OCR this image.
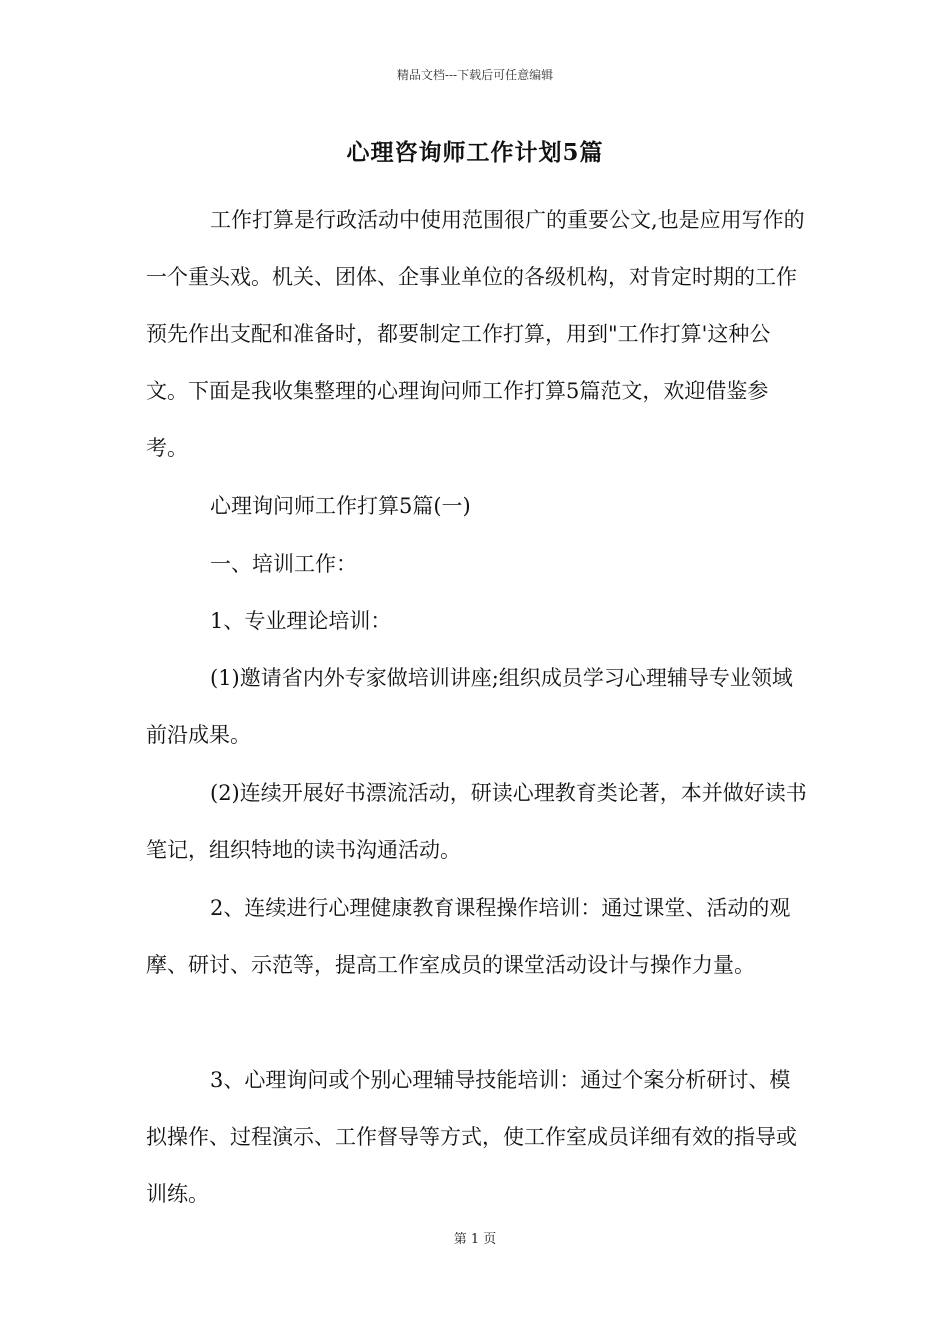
精品文档---下载后可任意编辑
心理咨询师工作计划5篇

工作打算是行政活动中使用范围很广的重要公文,也是应用写作的一个重头戏。机关、团体、企事业单位的各级机构，对肯定时期的工作预先作出支配和准备时，都要制定工作打算，用到"工作打算'这种公文。下面是我收集整理的心理询问师工作打算5篇范文，欢迎借鉴参考。

心理询问师工作打算5篇(一)

一、培训工作：

1、专业理论培训：

(1)邀请省内外专家做培训讲座;组织成员学习心理辅导专业领域前沿成果。

(2)连续开展好书漂流活动，研读心理教育类论著，本并做好读书笔记，组织特地的读书沟通活动。

2、连续进行心理健康教育课程操作培训：通过课堂、活动的观摩、研讨、示范等，提高工作室成员的课堂活动设计与操作力量。

3、心理询问或个别心理辅导技能培训：通过个案分析研讨、模拟操作、过程演示、工作督导等方式，使工作室成员详细有效的指导或训练。

第 1 页
